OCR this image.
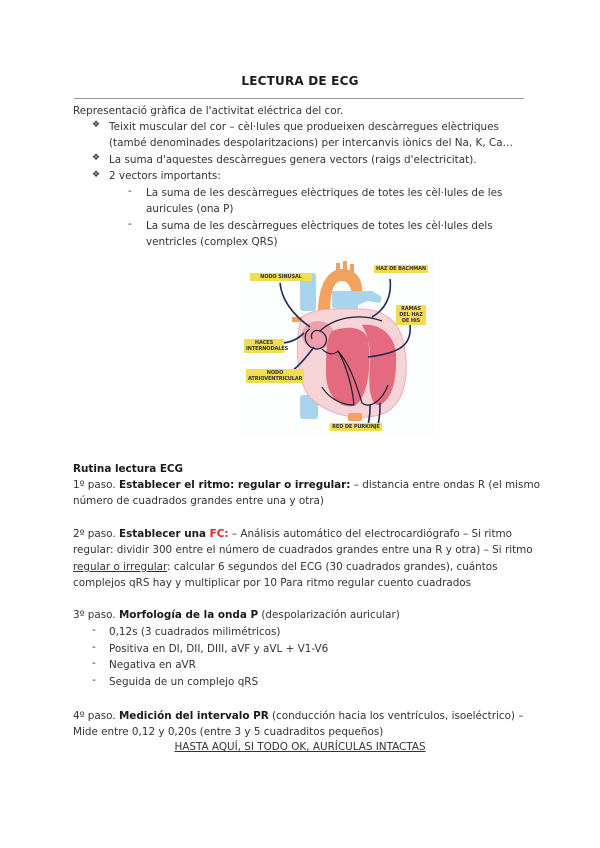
LECTURA DE ECG
Representació gràfica de l'activitat eléctrica del cor.
❖ Teixit muscular del cor – cèl·lules que produeixen descàrregues elèctriques
(també denominades despolaritzacions) per intercanvis iònics del Na, K, Ca…
❖ La suma d'aquestes descàrregues genera vectors (raigs d'electricitat).
❖ 2 vectors importants:
- La suma de les descàrregues elèctriques de totes les cèl·lules de les
auricules (ona P)
- La suma de les descàrregues elèctriques de totes les cèl·lules dels
ventricles (complex QRS)
NODO SINUSAL
HAZ DE BACHMAN
RAMAS DEL HAZ DE HIS
HACES INTERNODALES
NODO ATRIOVENTRICULAR
RED DE PURKINJE
Rutina lectura ECG
1º paso. Establecer el ritmo: regular o irregular: – distancia entre ondas R (el mismo
número de cuadrados grandes entre una y otra)
2º paso. Establecer una FC: – Análisis automático del electrocardiógrafo – Si ritmo
regular: dividir 300 entre el número de cuadrados grandes entre una R y otra) – Si ritmo
regular o irregular: calcular 6 segundos del ECG (30 cuadrados grandes), cuántos
complejos qRS hay y multiplicar por 10 Para ritmo regular cuento cuadrados
3º paso. Morfología de la onda P (despolarización auricular)
- 0,12s (3 cuadrados milimétricos)
- Positiva en DI, DII, DIII, aVF y aVL + V1-V6
- Negativa en aVR
- Seguida de un complejo qRS
4º paso. Medición del intervalo PR (conducción hacia los ventrículos, isoeléctrico) –
Mide entre 0,12 y 0,20s (entre 3 y 5 cuadraditos pequeños)
HASTA AQUÍ, SI TODO OK, AURÍCULAS INTACTAS
